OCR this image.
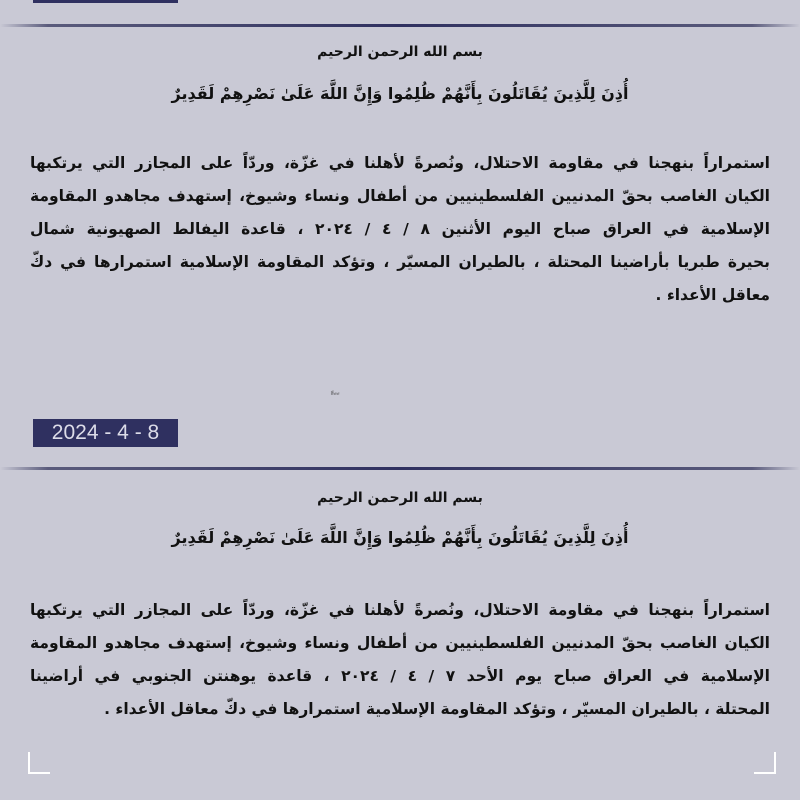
بسم الله الرحمن الرحيم
أُذِنَ لِلَّذِينَ يُقَاتَلُونَ بِأَنَّهُمْ ظُلِمُوا وَإِنَّ اللَّهَ عَلَىٰ نَصْرِهِمْ لَقَدِيرٌ
استمراراً بنهجنا في مقاومة الاحتلال، ونُصرةً لأهلنا في غزّة، وردّاً على المجازر التي يرتكبها
الكيان الغاصب بحقّ المدنيين الفلسطينيين من أطفال ونساء وشيوخ، إستهدف مجاهدو المقاومة
الإسلامية في العراق صباح اليوم الأثنين ٨ / ٤ / ٢٠٢٤ ، قاعدة اليفالط الصهيونية شمال
بحيرة طبريا بأراضينا المحتلة ، بالطيران المسيّر ، وتؤكد المقاومة الإسلامية استمرارها في دكّ
معاقل الأعداء .
ً ً ً ً
2024 - 4 - 8
بسم الله الرحمن الرحيم
أُذِنَ لِلَّذِينَ يُقَاتَلُونَ بِأَنَّهُمْ ظُلِمُوا وَإِنَّ اللَّهَ عَلَىٰ نَصْرِهِمْ لَقَدِيرٌ
استمراراً بنهجنا في مقاومة الاحتلال، ونُصرةً لأهلنا في غزّة، وردّاً على المجازر التي يرتكبها
الكيان الغاصب بحقّ المدنيين الفلسطينيين من أطفال ونساء وشيوخ، إستهدف مجاهدو المقاومة
الإسلامية في العراق صباح يوم الأحد ٧ / ٤ / ٢٠٢٤ ، قاعدة يوهنتن الجنوبي في أراضينا
المحتلة ، بالطيران المسيّر ، وتؤكد المقاومة الإسلامية استمرارها في دكّ معاقل الأعداء .
